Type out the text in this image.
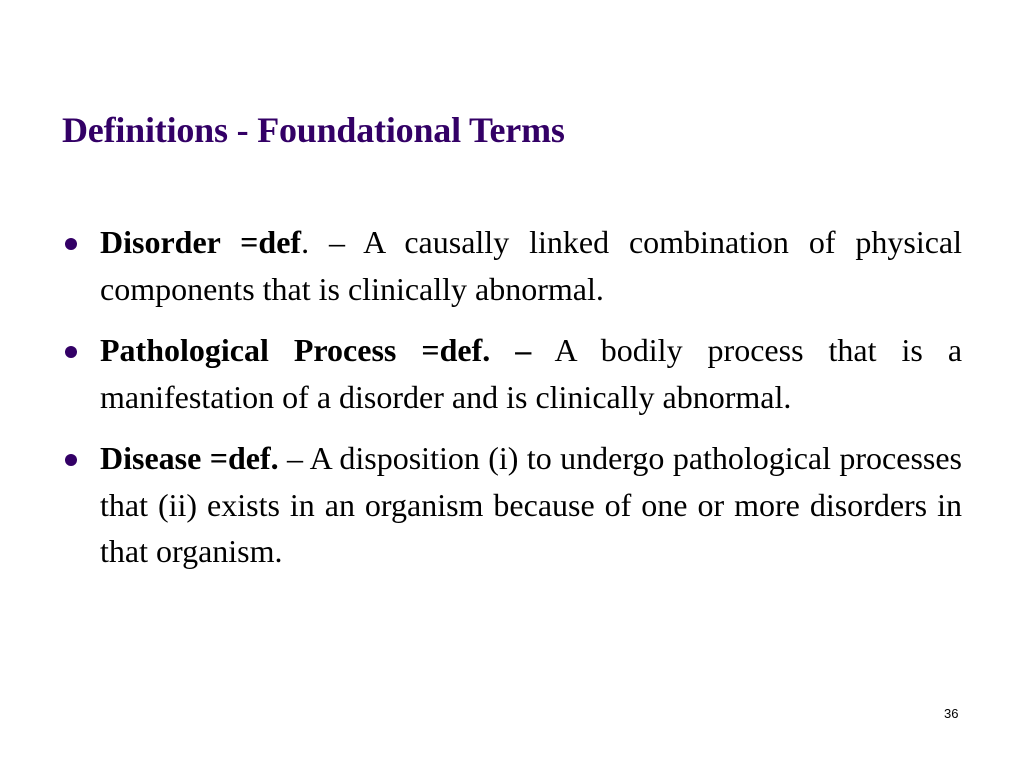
Definitions - Foundational Terms
Disorder =def. – A causally linked combination of physical components that is clinically abnormal.
Pathological Process =def. – A bodily process that is a manifestation of a disorder and is clinically abnormal.
Disease =def. – A disposition (i) to undergo pathological processes that (ii) exists in an organism because of one or more disorders in that organism.
36
